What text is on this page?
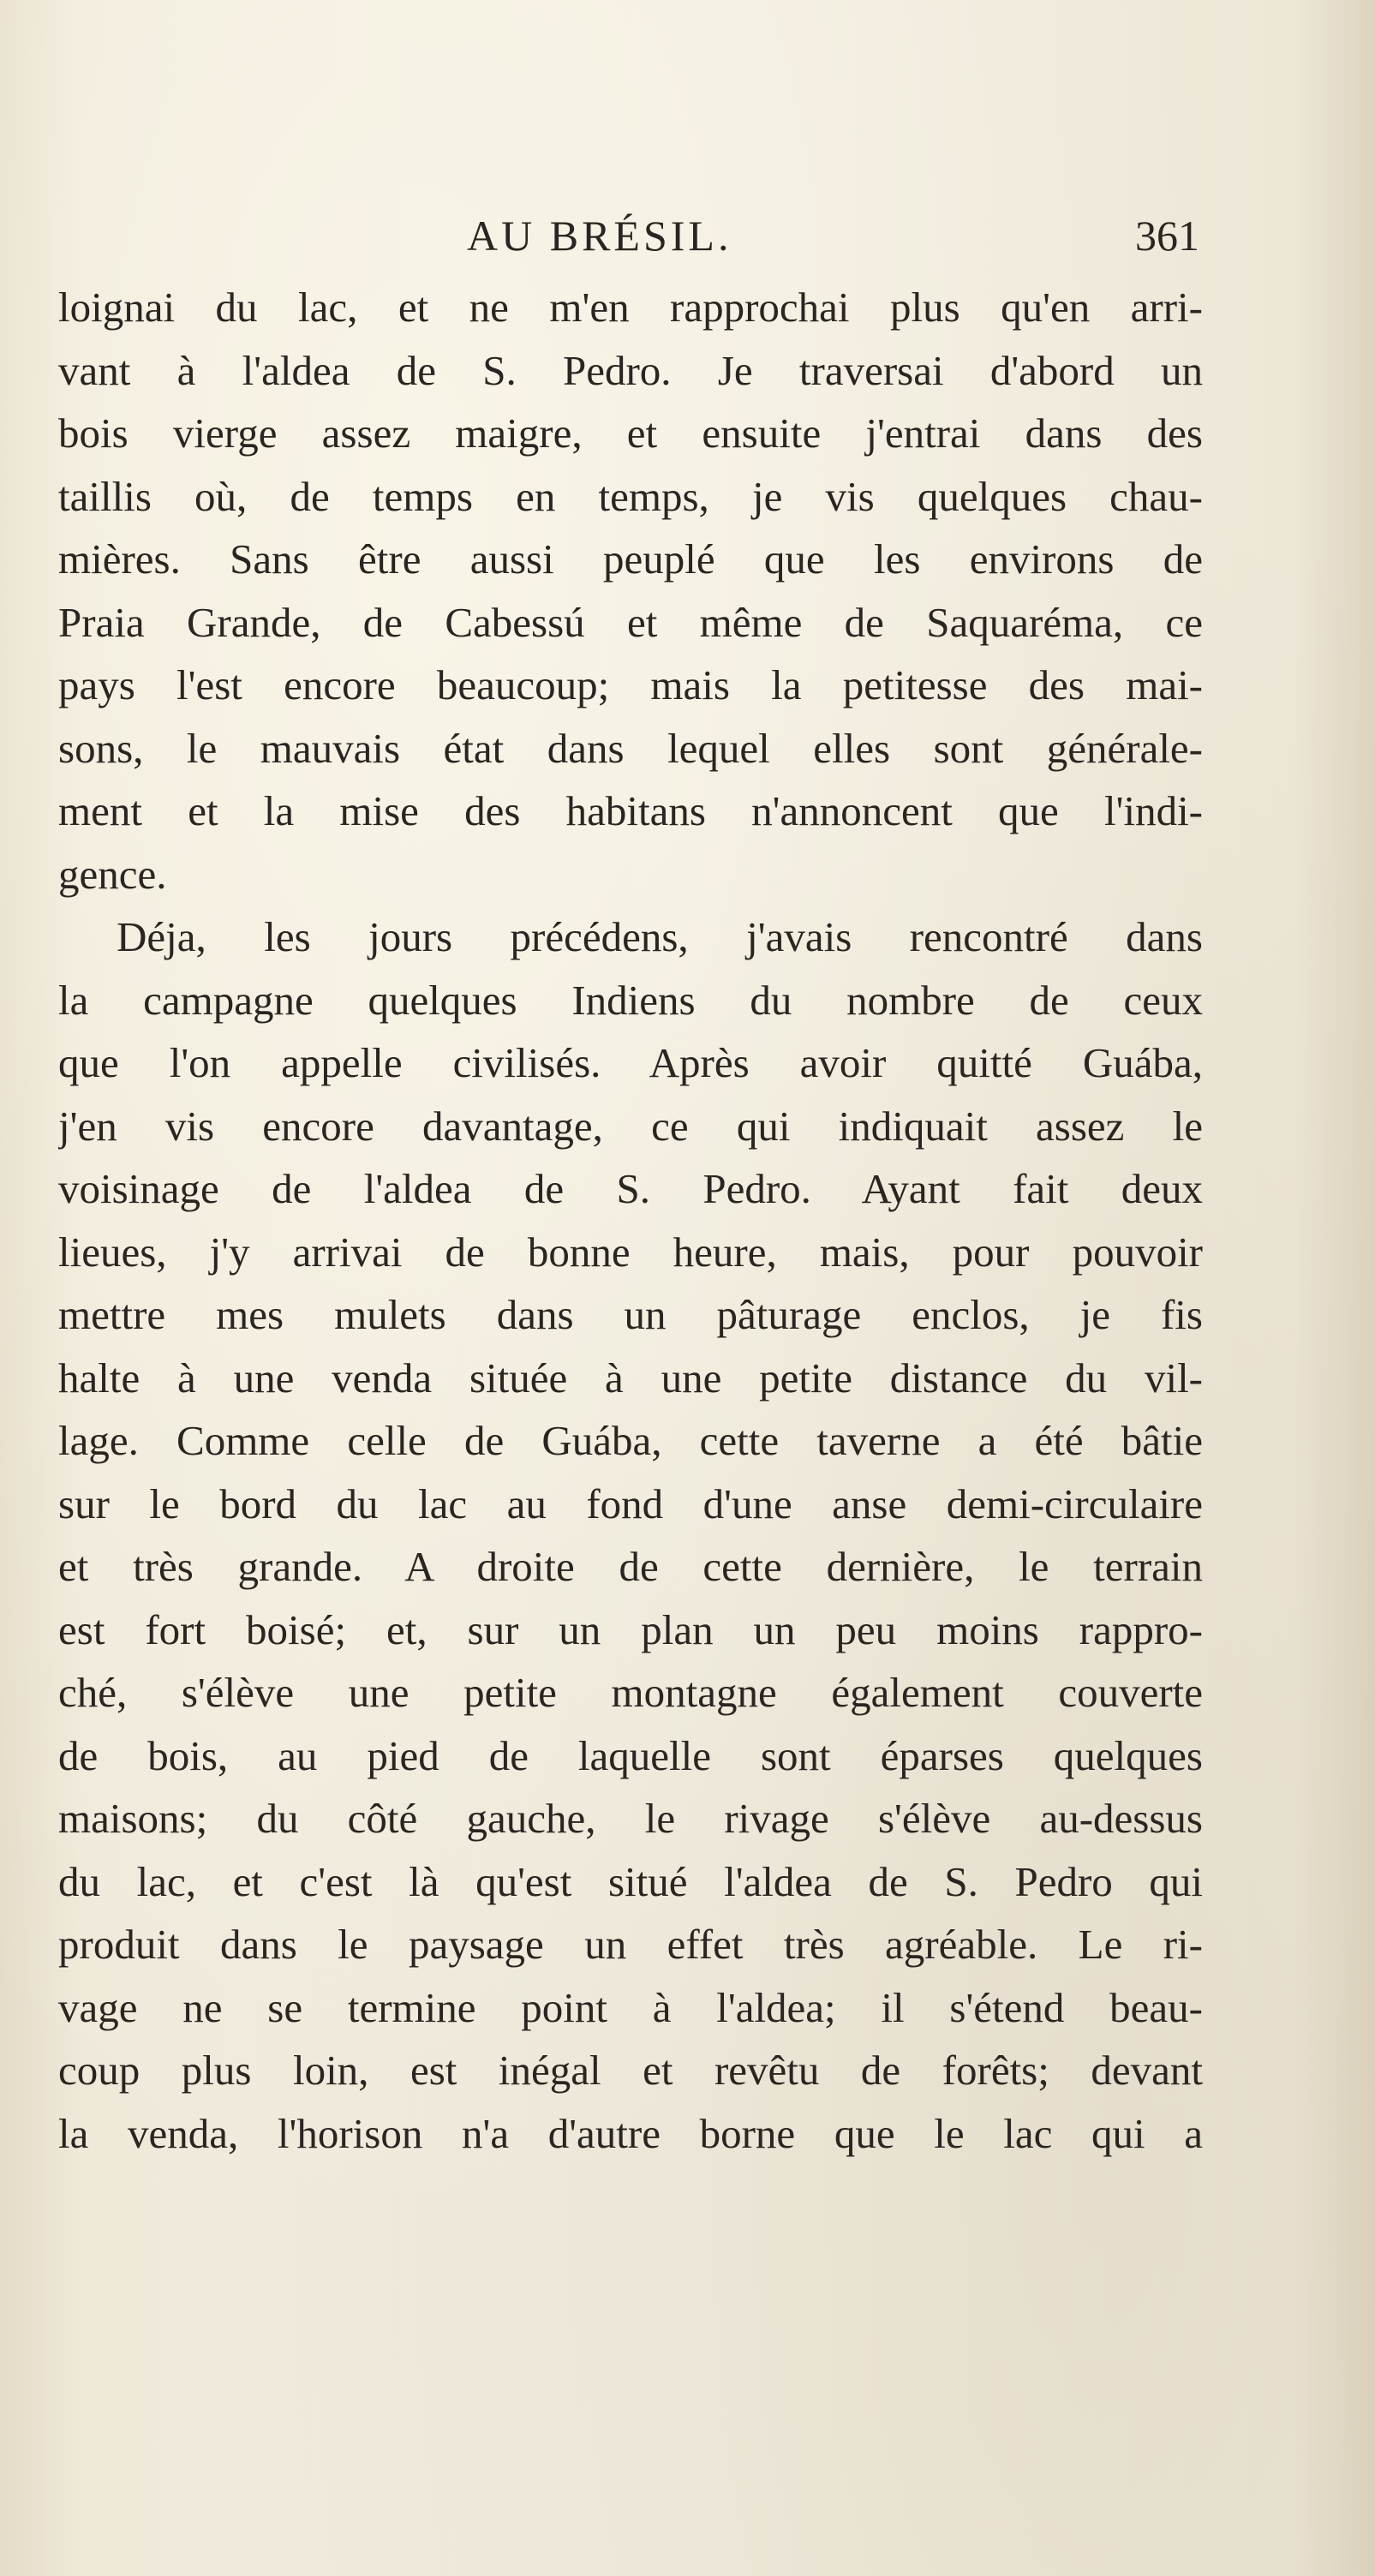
AU BRÉSIL.	361
loignai du lac, et ne m'en rapprochai plus qu'en arri-
vant à l'aldea de S. Pedro. Je traversai d'abord un
bois vierge assez maigre, et ensuite j'entrai dans des
taillis où, de temps en temps, je vis quelques chau-
mières. Sans être aussi peuplé que les environs de
Praia Grande, de Cabessú et même de Saquaréma, ce
pays l'est encore beaucoup; mais la petitesse des mai-
sons, le mauvais état dans lequel elles sont générale-
ment et la mise des habitans n'annoncent que l'indi-
gence.
Déja, les jours précédens, j'avais rencontré dans
la campagne quelques Indiens du nombre de ceux
que l'on appelle civilisés. Après avoir quitté Guába,
j'en vis encore davantage, ce qui indiquait assez le
voisinage de l'aldea de S. Pedro. Ayant fait deux
lieues, j'y arrivai de bonne heure, mais, pour pouvoir
mettre mes mulets dans un pâturage enclos, je fis
halte à une venda située à une petite distance du vil-
lage. Comme celle de Guába, cette taverne a été bâtie
sur le bord du lac au fond d'une anse demi-circulaire
et très grande. A droite de cette dernière, le terrain
est fort boisé; et, sur un plan un peu moins rappro-
ché, s'élève une petite montagne également couverte
de bois, au pied de laquelle sont éparses quelques
maisons; du côté gauche, le rivage s'élève au-dessus
du lac, et c'est là qu'est situé l'aldea de S. Pedro qui
produit dans le paysage un effet très agréable. Le ri-
vage ne se termine point à l'aldea; il s'étend beau-
coup plus loin, est inégal et revêtu de forêts; devant
la venda, l'horison n'a d'autre borne que le lac qui a
